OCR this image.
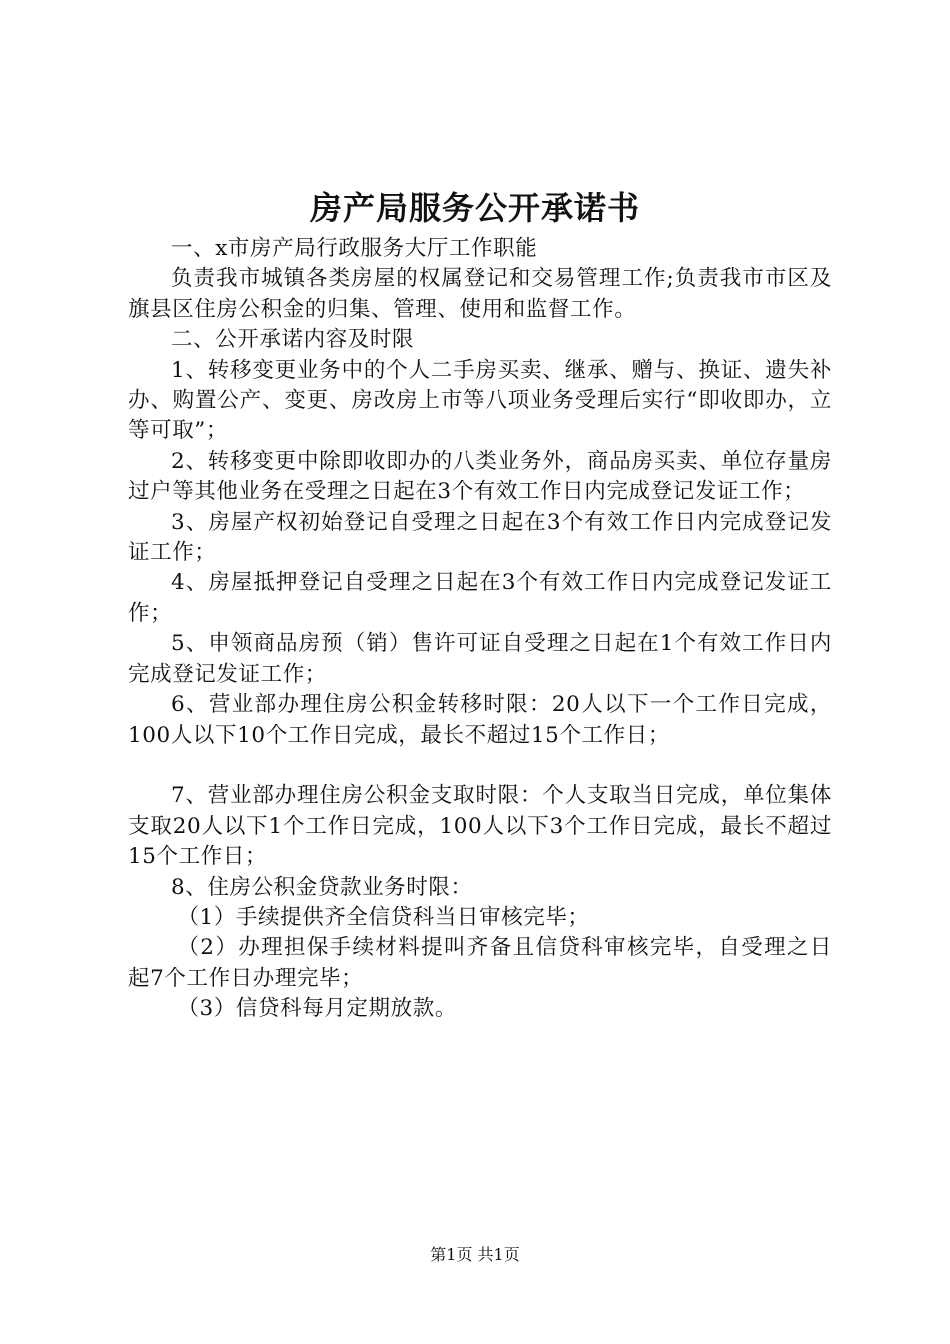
房产局服务公开承诺书

一、x市房产局行政服务大厅工作职能

负责我市城镇各类房屋的权属登记和交易管理工作;负责我市市区及旗县区住房公积金的归集、管理、使用和监督工作。

二、公开承诺内容及时限

1、转移变更业务中的个人二手房买卖、继承、赠与、换证、遗失补办、购置公产、变更、房改房上市等八项业务受理后实行“即收即办，立等可取”；

2、转移变更中除即收即办的八类业务外，商品房买卖、单位存量房过户等其他业务在受理之日起在3个有效工作日内完成登记发证工作；

3、房屋产权初始登记自受理之日起在3个有效工作日内完成登记发证工作；

4、房屋抵押登记自受理之日起在3个有效工作日内完成登记发证工作；

5、申领商品房预（销）售许可证自受理之日起在1个有效工作日内完成登记发证工作；

6、营业部办理住房公积金转移时限：20人以下一个工作日完成，100人以下10个工作日完成，最长不超过15个工作日；

7、营业部办理住房公积金支取时限：个人支取当日完成，单位集体支取20人以下1个工作日完成，100人以下3个工作日完成，最长不超过15个工作日；

8、住房公积金贷款业务时限：

（1）手续提供齐全信贷科当日审核完毕；

（2）办理担保手续材料提叫齐备且信贷科审核完毕，自受理之日起7个工作日办理完毕；

（3）信贷科每月定期放款。

第1页 共1页
